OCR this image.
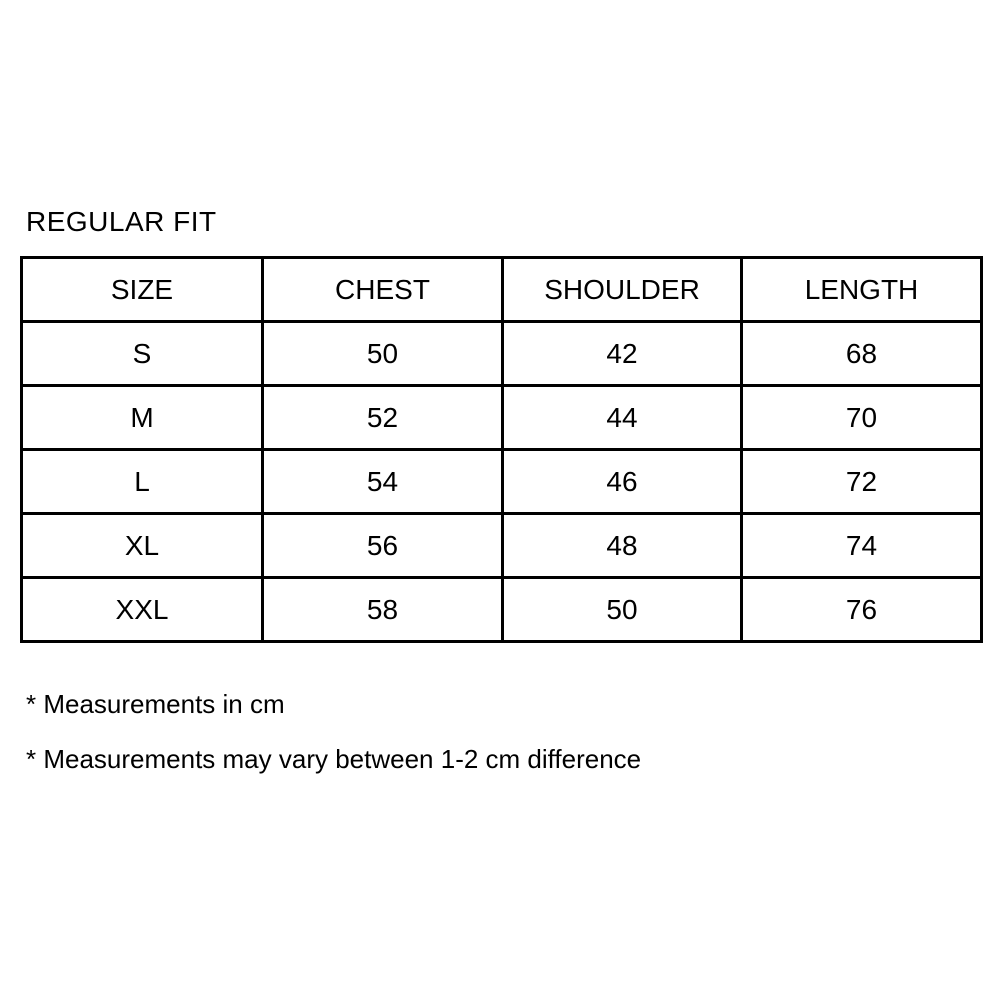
REGULAR FIT
SIZE	CHEST	SHOULDER	LENGTH
S	50	42	68
M	52	44	70
L	54	46	72
XL	56	48	74
XXL	58	50	76
* Measurements in cm
* Measurements may vary between 1-2 cm difference
